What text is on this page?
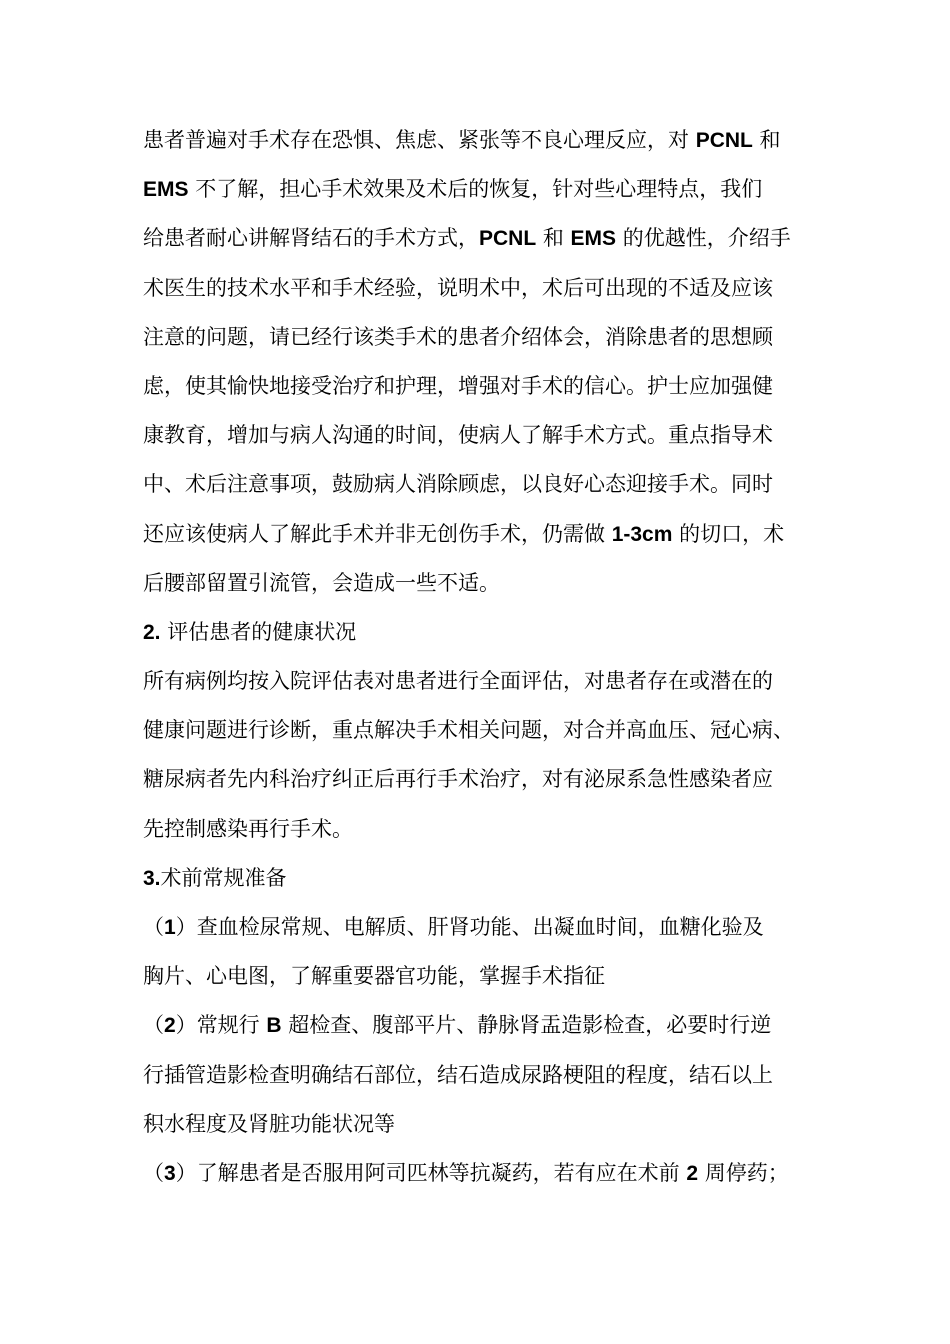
患者普遍对手术存在恐惧、焦虑、紧张等不良心理反应，对 PCNL 和
EMS 不了解，担心手术效果及术后的恢复，针对些心理特点，我们
给患者耐心讲解肾结石的手术方式，PCNL 和 EMS 的优越性，介绍手
术医生的技术水平和手术经验，说明术中，术后可出现的不适及应该
注意的问题，请已经行该类手术的患者介绍体会，消除患者的思想顾
虑，使其愉快地接受治疗和护理，增强对手术的信心。护士应加强健
康教育，增加与病人沟通的时间，使病人了解手术方式。重点指导术
中、术后注意事项，鼓励病人消除顾虑，以良好心态迎接手术。同时
还应该使病人了解此手术并非无创伤手术，仍需做 1-3cm 的切口，术
后腰部留置引流管，会造成一些不适。
2. 评估患者的健康状况
所有病例均按入院评估表对患者进行全面评估，对患者存在或潜在的
健康问题进行诊断，重点解决手术相关问题，对合并高血压、冠心病、
糖尿病者先内科治疗纠正后再行手术治疗，对有泌尿系急性感染者应
先控制感染再行手术。
3.术前常规准备
（1）查血检尿常规、电解质、肝肾功能、出凝血时间，血糖化验及
胸片、心电图，了解重要器官功能，掌握手术指征
（2）常规行 B 超检查、腹部平片、静脉肾盂造影检查，必要时行逆
行插管造影检查明确结石部位，结石造成尿路梗阻的程度，结石以上
积水程度及肾脏功能状况等
（3）了解患者是否服用阿司匹林等抗凝药，若有应在术前 2 周停药；
